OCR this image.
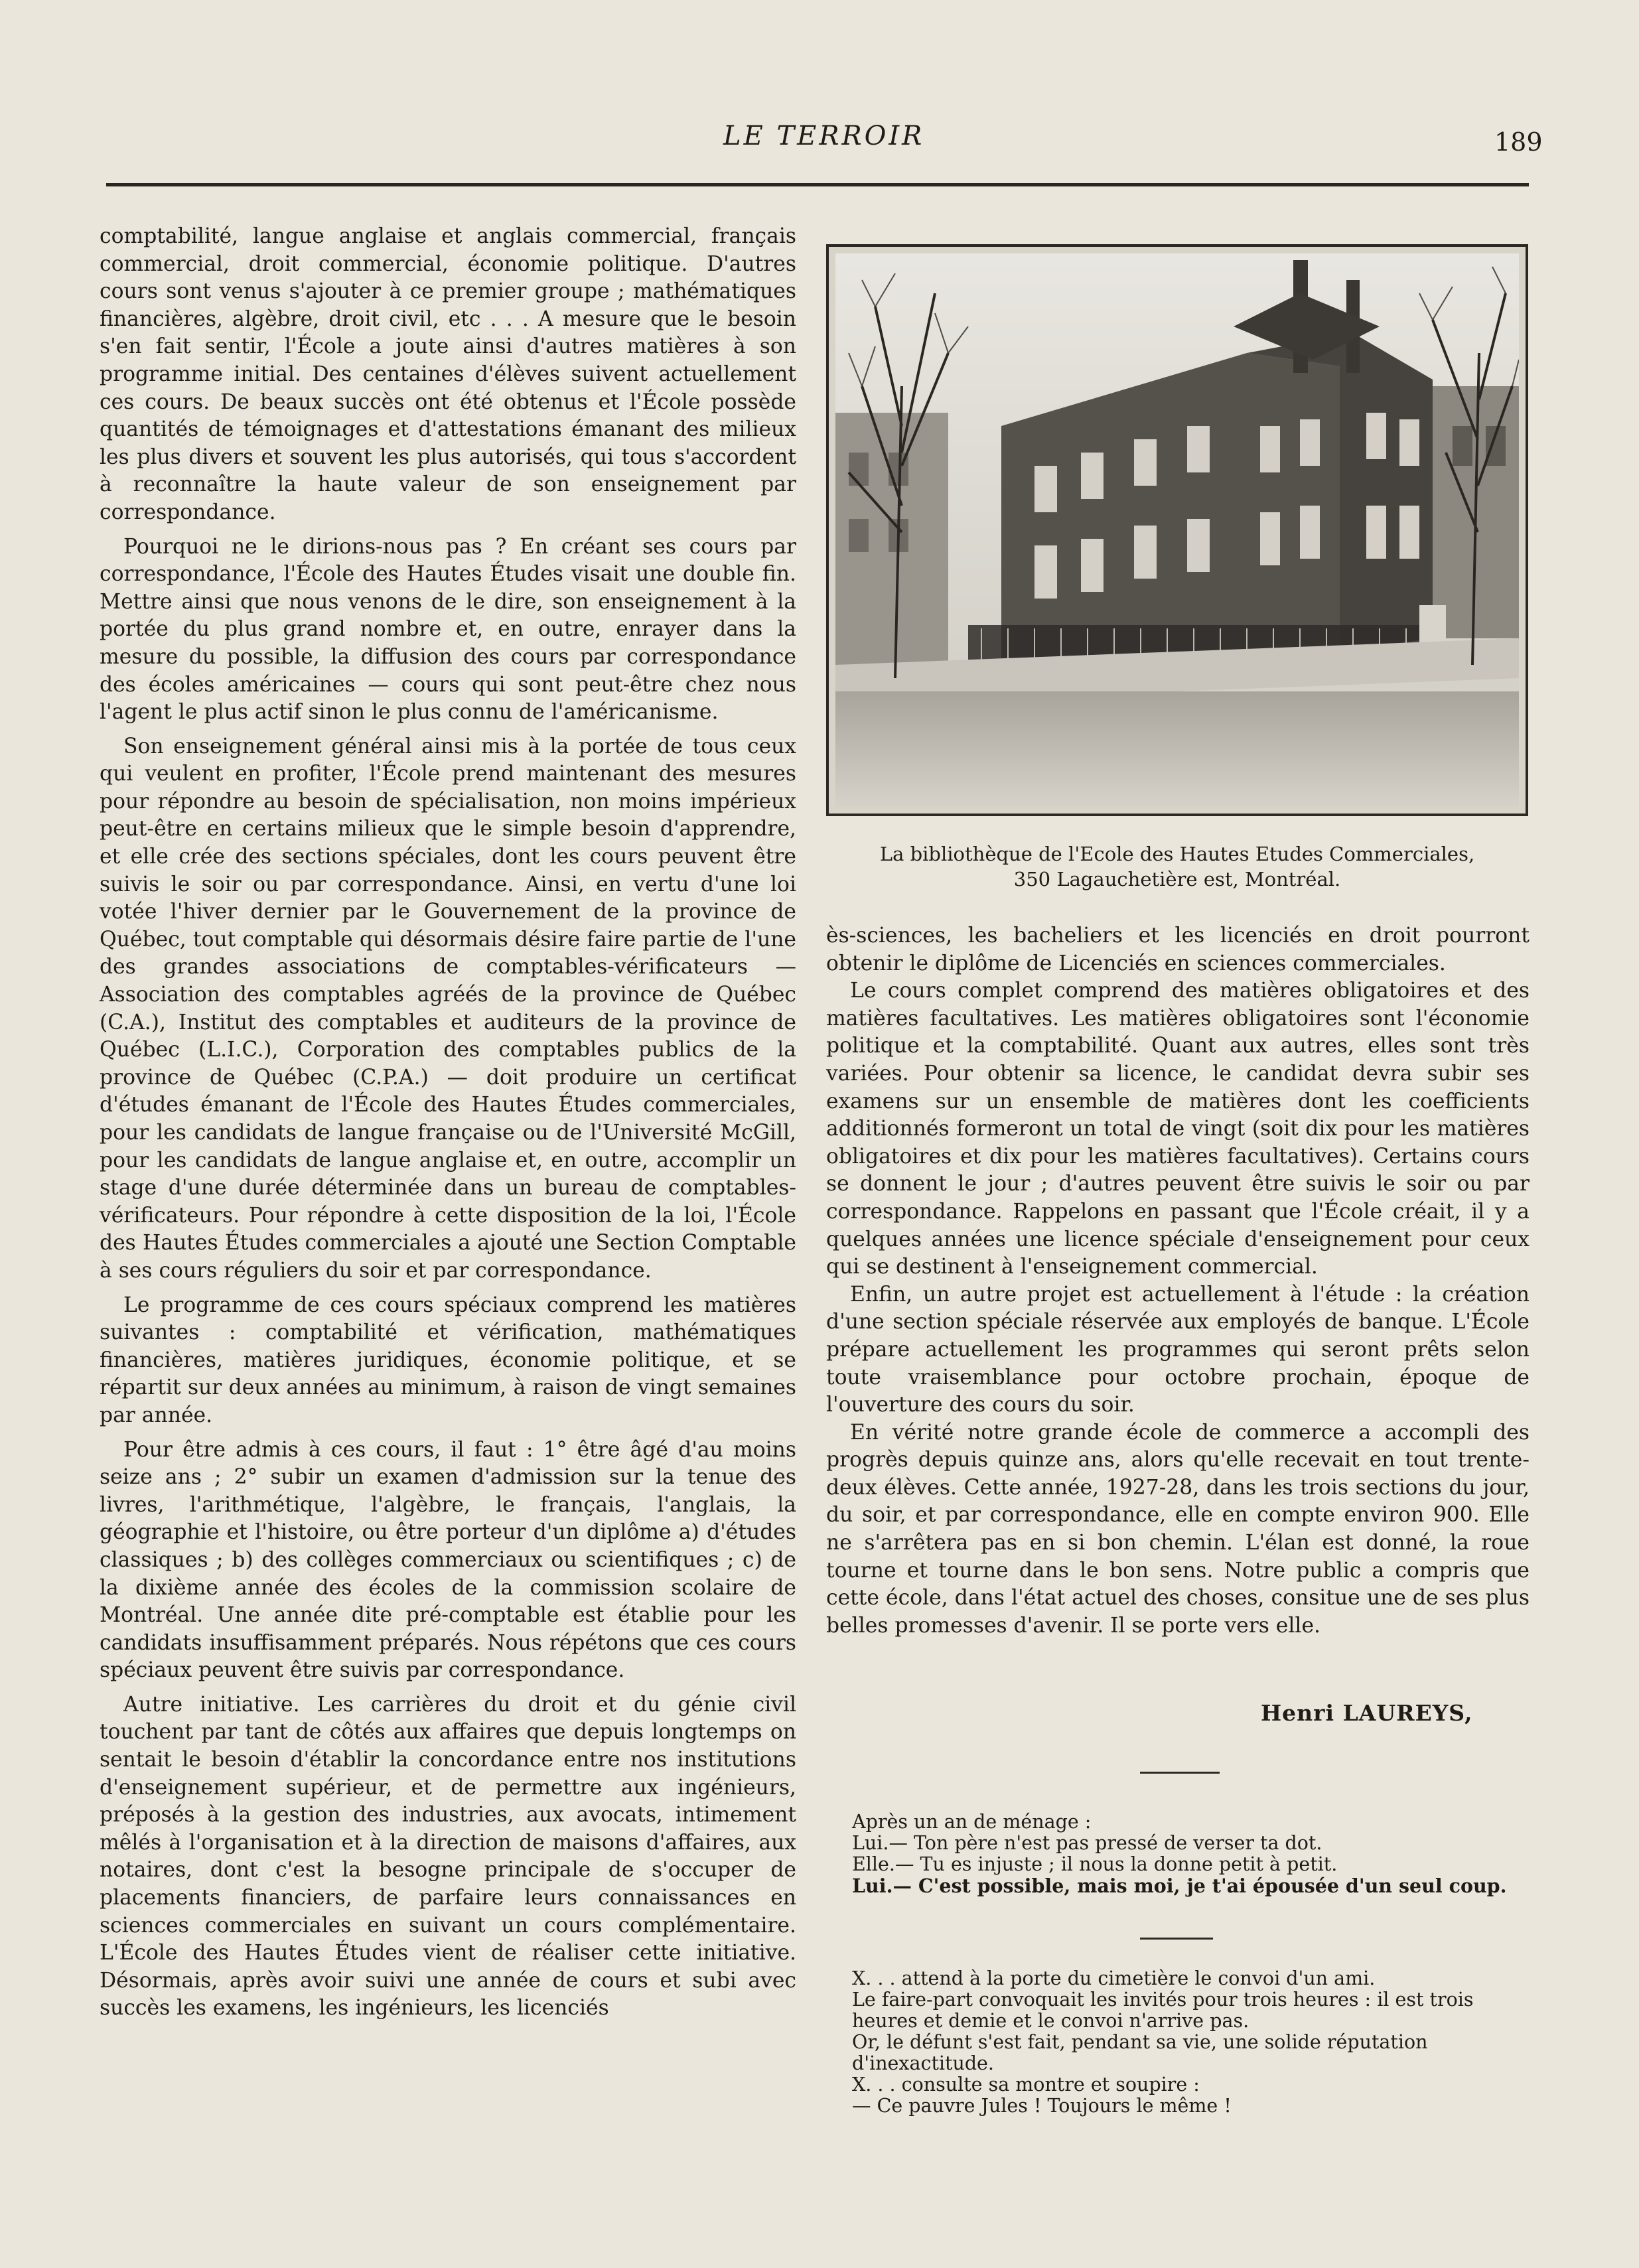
LE TERROIR	189

comptabilité, langue anglaise et anglais commercial, français commercial, droit commercial, économie politique. D'autres cours sont venus s'ajouter à ce premier groupe ; mathématiques financières, algèbre, droit civil, etc . . . A mesure que le besoin s'en fait sentir, l'École a joute ainsi d'autres matières à son programme initial. Des centaines d'élèves suivent actuellement ces cours. De beaux succès ont été obtenus et l'École possède quantités de témoignages et d'attestations émanant des milieux les plus divers et souvent les plus autorisés, qui tous s'accordent à reconnaître la haute valeur de son enseignement par correspondance.

Pourquoi ne le dirions-nous pas ? En créant ses cours par correspondance, l'École des Hautes Études visait une double fin. Mettre ainsi que nous venons de le dire, son enseignement à la portée du plus grand nombre et, en outre, enrayer dans la mesure du possible, la diffusion des cours par correspondance des écoles américaines — cours qui sont peut-être chez nous l'agent le plus actif sinon le plus connu de l'américanisme.

Son enseignement général ainsi mis à la portée de tous ceux qui veulent en profiter, l'École prend maintenant des mesures pour répondre au besoin de spécialisation, non moins impérieux peut-être en certains milieux que le simple besoin d'apprendre, et elle crée des sections spéciales, dont les cours peuvent être suivis le soir ou par correspondance. Ainsi, en vertu d'une loi votée l'hiver dernier par le Gouvernement de la province de Québec, tout comptable qui désormais désire faire partie de l'une des grandes associations de comptables-vérificateurs — Association des comptables agréés de la province de Québec (C.A.), Institut des comptables et auditeurs de la province de Québec (L.I.C.), Corporation des comptables publics de la province de Québec (C.P.A.) — doit produire un certificat d'études émanant de l'École des Hautes Études commerciales, pour les candidats de langue française ou de l'Université McGill, pour les candidats de langue anglaise et, en outre, accomplir un stage d'une durée déterminée dans un bureau de comptables-vérificateurs. Pour répondre à cette disposition de la loi, l'École des Hautes Études commerciales a ajouté une Section Comptable à ses cours réguliers du soir et par correspondance.

Le programme de ces cours spéciaux comprend les matières suivantes : comptabilité et vérification, mathématiques financières, matières juridiques, économie politique, et se répartit sur deux années au minimum, à raison de vingt semaines par année.

Pour être admis à ces cours, il faut : 1° être âgé d'au moins seize ans ; 2° subir un examen d'admission sur la tenue des livres, l'arithmétique, l'algèbre, le français, l'anglais, la géographie et l'histoire, ou être porteur d'un diplôme a) d'études classiques ; b) des collèges commerciaux ou scientifiques ; c) de la dixième année des écoles de la commission scolaire de Montréal. Une année dite pré-comptable est établie pour les candidats insuffisamment préparés. Nous répétons que ces cours spéciaux peuvent être suivis par correspondance.

Autre initiative. Les carrières du droit et du génie civil touchent par tant de côtés aux affaires que depuis longtemps on sentait le besoin d'établir la concordance entre nos institutions d'enseignement supérieur, et de permettre aux ingénieurs, préposés à la gestion des industries, aux avocats, intimement mêlés à l'organisation et à la direction de maisons d'affaires, aux notaires, dont c'est la besogne principale de s'occuper de placements financiers, de parfaire leurs connaissances en sciences commerciales en suivant un cours complémentaire. L'École des Hautes Études vient de réaliser cette initiative. Désormais, après avoir suivi une année de cours et subi avec succès les examens, les ingénieurs, les licenciés

La bibliothèque de l'Ecole des Hautes Etudes Commerciales,
350 Lagauchetière est, Montréal.

ès-sciences, les bacheliers et les licenciés en droit pourront obtenir le diplôme de Licenciés en sciences commerciales.

Le cours complet comprend des matières obligatoires et des matières facultatives. Les matières obligatoires sont l'économie politique et la comptabilité. Quant aux autres, elles sont très variées. Pour obtenir sa licence, le candidat devra subir ses examens sur un ensemble de matières dont les coefficients additionnés formeront un total de vingt (soit dix pour les matières obligatoires et dix pour les matières facultatives). Certains cours se donnent le jour ; d'autres peuvent être suivis le soir ou par correspondance. Rappelons en passant que l'École créait, il y a quelques années une licence spéciale d'enseignement pour ceux qui se destinent à l'enseignement commercial.

Enfin, un autre projet est actuellement à l'étude : la création d'une section spéciale réservée aux employés de banque. L'École prépare actuellement les programmes qui seront prêts selon toute vraisemblance pour octobre prochain, époque de l'ouverture des cours du soir.

En vérité notre grande école de commerce a accompli des progrès depuis quinze ans, alors qu'elle recevait en tout trente-deux élèves. Cette année, 1927-28, dans les trois sections du jour, du soir, et par correspondance, elle en compte environ 900. Elle ne s'arrêtera pas en si bon chemin. L'élan est donné, la roue tourne et tourne dans le bon sens. Notre public a compris que cette école, dans l'état actuel des choses, consitue une de ses plus belles promesses d'avenir. Il se porte vers elle.

Henri LAUREYS,
Après un an de ménage :
Lui.— Ton père n'est pas pressé de verser ta dot.
Elle.— Tu es injuste ; il nous la donne petit à petit.
Lui.— C'est possible, mais moi, je t'ai épousée d'un seul coup.
X. . . attend à la porte du cimetière le convoi d'un ami.
Le faire-part convoquait les invités pour trois heures : il est trois
heures et demie et le convoi n'arrive pas.
Or, le défunt s'est fait, pendant sa vie, une solide réputation
d'inexactitude.
X. . . consulte sa montre et soupire :
— Ce pauvre Jules ! Toujours le même !
